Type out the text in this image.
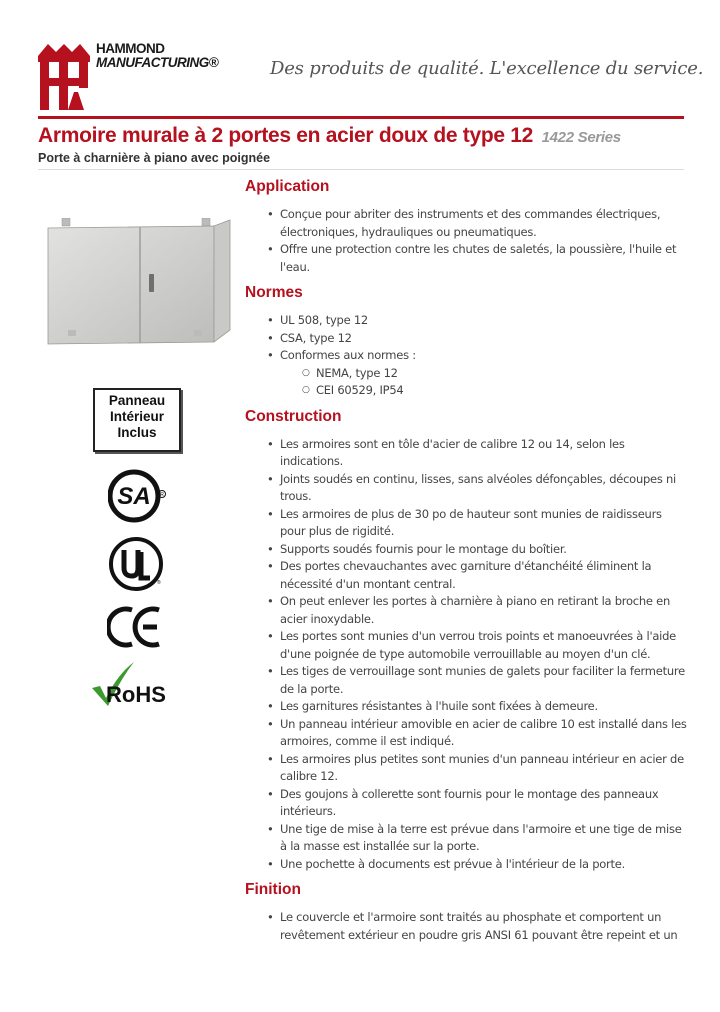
HAMMOND
MANUFACTURING®	Des produits de qualité. L'excellence du service.
Armoire murale à 2 portes en acier doux de type 12 1422 Series
Porte à charnière à piano avec poignée
Panneau
Intérieur
Inclus
SA R
®
RoHS
Application
• Conçue pour abriter des instruments et des commandes électriques, électroniques, hydrauliques ou pneumatiques.
• Offre une protection contre les chutes de saletés, la poussière, l'huile et l'eau.
Normes
• UL 508, type 12
• CSA, type 12
• Conformes aux normes :
○ NEMA, type 12
○ CEI 60529, IP54
Construction
• Les armoires sont en tôle d'acier de calibre 12 ou 14, selon les indications.
• Joints soudés en continu, lisses, sans alvéoles défonçables, découpes ni trous.
• Les armoires de plus de 30 po de hauteur sont munies de raidisseurs pour plus de rigidité.
• Supports soudés fournis pour le montage du boîtier.
• Des portes chevauchantes avec garniture d'étanchéité éliminent la nécessité d'un montant central.
• On peut enlever les portes à charnière à piano en retirant la broche en acier inoxydable.
• Les portes sont munies d'un verrou trois points et manoeuvrées à l'aide d'une poignée de type automobile verrouillable au moyen d'un clé.
• Les tiges de verrouillage sont munies de galets pour faciliter la fermeture de la porte.
• Les garnitures résistantes à l'huile sont fixées à demeure.
• Un panneau intérieur amovible en acier de calibre 10 est installé dans les armoires, comme il est indiqué.
• Les armoires plus petites sont munies d'un panneau intérieur en acier de calibre 12.
• Des goujons à collerette sont fournis pour le montage des panneaux intérieurs.
• Une tige de mise à la terre est prévue dans l'armoire et une tige de mise à la masse est installée sur la porte.
• Une pochette à documents est prévue à l'intérieur de la porte.
Finition
• Le couvercle et l'armoire sont traités au phosphate et comportent un revêtement extérieur en poudre gris ANSI 61 pouvant être repeint et un
